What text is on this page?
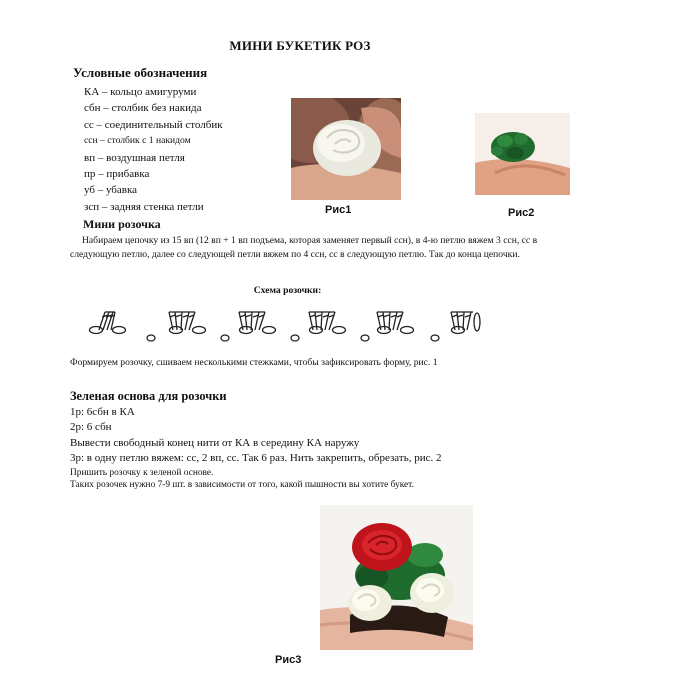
МИНИ БУКЕТИК РОЗ
Условные обозначения
КА – кольцо амигуруми
сбн – столбик без накида
сс – соединительный столбик
ссн – столбик с 1 накидом
вп – воздушная петля
пр – прибавка
уб – убавка
зсп – задняя стенка петли	Рис1	Рис2
Мини розочка
Набираем цепочку из 15 вп (12 вп + 1 вп подъема, которая заменяет первый ссн), в 4-ю петлю вяжем 3 ссн, сс в следующую петлю, далее со следующей петли вяжем по 4 ссн, сс в следующую петлю. Так до конца цепочки.
Схема розочки:
Формируем розочку, сшиваем несколькими стежками, чтобы зафиксировать форму, рис. 1
Зеленая основа для розочки
1р: 6сбн в КА
2р: 6 сбн
Вывести свободный конец нити от КА в середину КА наружу
3р: в одну петлю вяжем: сс, 2 вп, сс. Так 6 раз. Нить закрепить, обрезать, рис. 2
Пришить розочку к зеленой основе.
Таких розочек нужно 7-9 шт. в зависимости от того, какой пышности вы хотите букет.
Рис3
